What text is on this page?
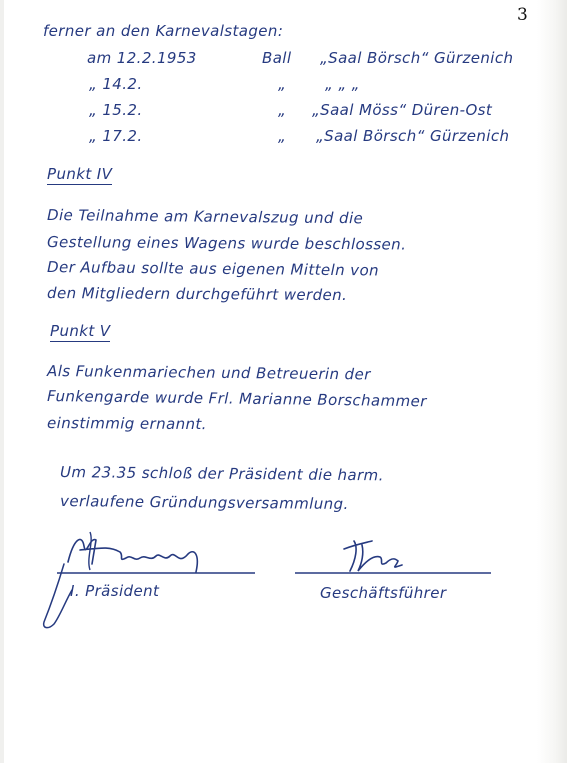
3
ferner an den Karnevalstagen:
am 12.2.1953	Ball „Saal Börsch“ Gürzenich
„ 14.2.	„	„ „ „
„ 15.2.	„ „Saal Möss“ Düren-Ost
„ 17.2.	„ „Saal Börsch“ Gürzenich
Punkt IV
Die Teilnahme am Karnevalszug und die
Gestellung eines Wagens wurde beschlossen.
Der Aufbau sollte aus eigenen Mitteln von
den Mitgliedern durchgeführt werden.
Punkt V
Als Funkenmariechen und Betreuerin der
Funkengarde wurde Frl. Marianne Borschammer
einstimmig ernannt.
Um 23.35 schloß der Präsident die harm.
verlaufene Gründungsversammlung.
I. Präsident	Geschäftsführer
